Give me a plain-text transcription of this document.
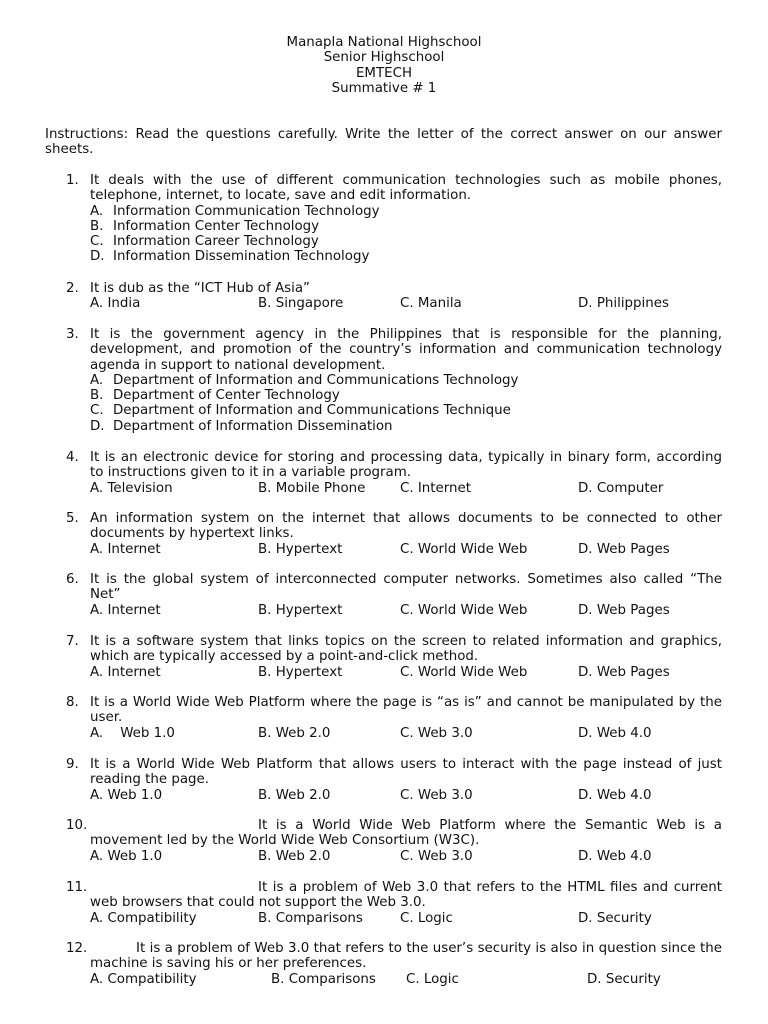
Manapla National Highschool
Senior Highschool
EMTECH
Summative # 1
Instructions: Read the questions carefully. Write the letter of the correct answer on our answer sheets.
1. It deals with the use of different communication technologies such as mobile phones, telephone, internet, to locate, save and edit information.
A. Information Communication Technology
B. Information Center Technology
C. Information Career Technology
D. Information Dissemination Technology
2. It is dub as the “ICT Hub of Asia”
A. India	B. Singapore	C. Manila	D. Philippines
3. It is the government agency in the Philippines that is responsible for the planning, development, and promotion of the country’s information and communication technology agenda in support to national development.
A. Department of Information and Communications Technology
B. Department of Center Technology
C. Department of Information and Communications Technique
D. Department of Information Dissemination
4. It is an electronic device for storing and processing data, typically in binary form, according to instructions given to it in a variable program.
A. Television	B. Mobile Phone	C. Internet	D. Computer
5. An information system on the internet that allows documents to be connected to other documents by hypertext links.
A. Internet	B. Hypertext	C. World Wide Web	D. Web Pages
6. It is the global system of interconnected computer networks. Sometimes also called “The Net”
A. Internet	B. Hypertext	C. World Wide Web	D. Web Pages
7. It is a software system that links topics on the screen to related information and graphics, which are typically accessed by a point-and-click method.
A. Internet	B. Hypertext	C. World Wide Web	D. Web Pages
8. It is a World Wide Web Platform where the page is “as is” and cannot be manipulated by the user.
A.    Web 1.0	B. Web 2.0	C. Web 3.0	D. Web 4.0
9. It is a World Wide Web Platform that allows users to interact with the page instead of just reading the page.
A. Web 1.0	B. Web 2.0	C. Web 3.0	D. Web 4.0
10.	It is a World Wide Web Platform where the Semantic Web is a movement led by the World Wide Web Consortium (W3C).
A. Web 1.0	B. Web 2.0	C. Web 3.0	D. Web 4.0
11.	It is a problem of Web 3.0 that refers to the HTML files and current web browsers that could not support the Web 3.0.
A. Compatibility	B. Comparisons	C. Logic	D. Security
12.	It is a problem of Web 3.0 that refers to the user’s security is also in question since the machine is saving his or her preferences.
A. Compatibility	B. Comparisons C. Logic	D. Security
